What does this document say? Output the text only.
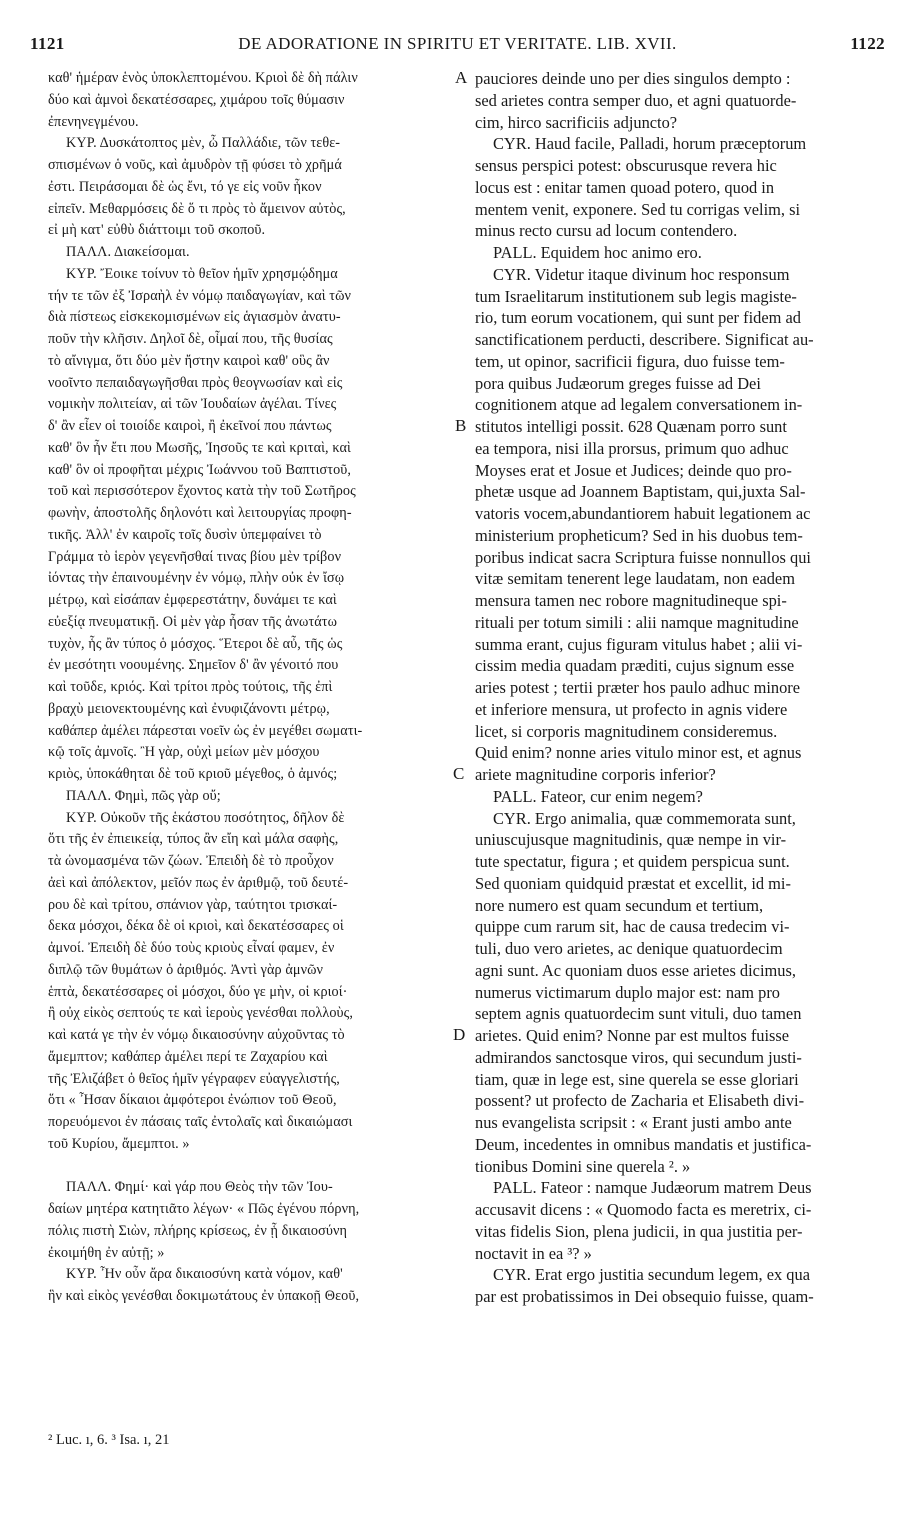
1121	DE ADORATIONE IN SPIRITU ET VERITATE. LIB. XVII.	1122
καθ' ἡμέραν ἑνὸς ὑποκλεπτομένου. Κριοὶ δὲ δὴ πάλιν
δύο καὶ ἀμνοὶ δεκατέσσαρες, χιμάρου τοῖς θύμασιν
ἐπενηνεγμένου.
ΚΥΡ. Δυσκάτοπτος μὲν, ὦ Παλλάδιε, τῶν τεθε-
σπισμένων ὁ νοῦς, καὶ ἀμυδρὸν τῇ φύσει τὸ χρῆμά
ἐστι. Πειράσομαι δὲ ὡς ἔνι, τό γε εἰς νοῦν ἧκον
εἰπεῖν. Μεθαρμόσεις δὲ ὅ τι πρὸς τὸ ἄμεινον αὐτὸς,
εἰ μὴ κατ' εὐθὺ διάττοιμι τοῦ σκοποῦ.
ΠΑΛΛ. Διακείσομαι.
ΚΥΡ. Ἔοικε τοίνυν τὸ θεῖον ἡμῖν χρησμῴδημα
τήν τε τῶν ἐξ Ἰσραὴλ ἐν νόμῳ παιδαγωγίαν, καὶ τῶν
διὰ πίστεως εἰσκεκομισμένων εἰς ἁγιασμὸν ἀνατυ-
ποῦν τὴν κλῆσιν. Δηλοῖ δὲ, οἶμαί που, τῆς θυσίας
τὸ αἴνιγμα, ὅτι δύο μὲν ἤστην καιροὶ καθ' οὓς ἂν
νοοῖντο πεπαιδαγωγῆσθαι πρὸς θεογνωσίαν καὶ εἰς
νομικὴν πολιτείαν, αἱ τῶν Ἰουδαίων ἀγέλαι. Τίνες
δ' ἂν εἶεν οἱ τοιοίδε καιροὶ, ἢ ἐκεῖνοί που πάντως
καθ' ὃν ἦν ἔτι που Μωσῆς, Ἰησοῦς τε καὶ κριταὶ, καὶ
καθ' ὃν οἱ προφῆται μέχρις Ἰωάννου τοῦ Βαπτιστοῦ,
τοῦ καὶ περισσότερον ἔχοντος κατὰ τὴν τοῦ Σωτῆρος
φωνὴν, ἀποστολῆς δηλονότι καὶ λειτουργίας προφη-
τικῆς. Ἀλλ' ἐν καιροῖς τοῖς δυσὶν ὑπεμφαίνει τὸ
Γράμμα τὸ ἱερὸν γεγενῆσθαί τινας βίου μὲν τρίβον
ἰόντας τὴν ἐπαινουμένην ἐν νόμῳ, πλὴν οὐκ ἐν ἴσῳ
μέτρῳ, καὶ εἰσάπαν ἐμφερεστάτην, δυνάμει τε καὶ
εὐεξίᾳ πνευματικῇ. Οἱ μὲν γὰρ ἦσαν τῆς ἀνωτάτω
τυχὸν, ἧς ἂν τύπος ὁ μόσχος. Ἕτεροι δὲ αὖ, τῆς ὡς
ἐν μεσότητι νοουμένης. Σημεῖον δ' ἂν γένοιτό που
καὶ τοῦδε, κριός. Καὶ τρίτοι πρὸς τούτοις, τῆς ἐπὶ
βραχὺ μειονεκτουμένης καὶ ἐνυφιζάνοντι μέτρῳ,
καθάπερ ἀμέλει πάρεσται νοεῖν ὡς ἐν μεγέθει σωματι-
κῷ τοῖς ἀμνοῖς. Ἢ γὰρ, οὐχὶ μείων μὲν μόσχου
κριὸς, ὑποκάθηται δὲ τοῦ κριοῦ μέγεθος, ὁ ἀμνός;
ΠΑΛΛ. Φημὶ, πῶς γὰρ οὔ;
ΚΥΡ. Οὐκοῦν τῆς ἑκάστου ποσότητος, δῆλον δὲ
ὅτι τῆς ἐν ἐπιεικείᾳ, τύπος ἂν εἴη καὶ μάλα σαφὴς,
τὰ ὠνομασμένα τῶν ζώων. Ἐπειδὴ δὲ τὸ προὖχον
ἀεὶ καὶ ἀπόλεκτον, μεῖόν πως ἐν ἀριθμῷ, τοῦ δευτέ-
ρου δὲ καὶ τρίτου, σπάνιον γὰρ, ταύτητοι τρισκαί-
δεκα μόσχοι, δέκα δὲ οἱ κριοὶ, καὶ δεκατέσσαρες οἱ
ἀμνοί. Ἐπειδὴ δὲ δύο τοὺς κριοὺς εἶναί φαμεν, ἐν
διπλῷ τῶν θυμάτων ὁ ἀριθμός. Ἀντὶ γὰρ ἀμνῶν
ἑπτὰ, δεκατέσσαρες οἱ μόσχοι, δύο γε μὴν, οἱ κριοί·
ἢ οὐχ εἰκὸς σεπτούς τε καὶ ἱεροὺς γενέσθαι πολλοὺς,
καὶ κατά γε τὴν ἐν νόμῳ δικαιοσύνην αὐχοῦντας τὸ
ἄμεμπτον; καθάπερ ἀμέλει περί τε Ζαχαρίου καὶ
τῆς Ἐλιζάβετ ὁ θεῖος ἡμῖν γέγραφεν εὐαγγελιστής,
ὅτι « Ἦσαν δίκαιοι ἀμφότεροι ἐνώπιον τοῦ Θεοῦ,
πορευόμενοι ἐν πάσαις ταῖς ἐντολαῖς καὶ δικαιώμασι
τοῦ Κυρίου, ἄμεμπτοι. »
ΠΑΛΛ. Φημί· καὶ γάρ που Θεὸς τὴν τῶν Ἰου-
δαίων μητέρα κατητιᾶτο λέγων· « Πῶς ἐγένου πόρνη,
πόλις πιστὴ Σιὼν, πλήρης κρίσεως, ἐν ᾗ δικαιοσύνη
ἐκοιμήθη ἐν αὐτῇ; »
ΚΥΡ. Ἦν οὖν ἄρα δικαιοσύνη κατὰ νόμον, καθ'
ἣν καὶ εἰκὸς γενέσθαι δοκιμωτάτους ἐν ὑπακοῇ Θεοῦ,
pauciores deinde uno per dies singulos dempto :
sed arietes contra semper duo, et agni quatuorde-
cim, hirco sacrificiis adjuncto?
CYR. Haud facile, Palladi, horum præceptorum
sensus perspici potest: obscurusque revera hic
locus est : enitar tamen quoad potero, quod in
mentem venit, exponere. Sed tu corrigas velim, si
minus recto cursu ad locum contendero.
PALL. Equidem hoc animo ero.
CYR. Videtur itaque divinum hoc responsum
tum Israelitarum institutionem sub legis magiste-
rio, tum eorum vocationem, qui sunt per fidem ad
sanctificationem perducti, describere. Significat au-
tem, ut opinor, sacrificii figura, duo fuisse tem-
pora quibus Judæorum greges fuisse ad Dei
cognitionem atque ad legalem conversationem in-
stitutos intelligi possit. 628 Quænam porro sunt
ea tempora, nisi illa prorsus, primum quo adhuc
Moyses erat et Josue et Judices; deinde quo pro-
phetæ usque ad Joannem Baptistam, qui,juxta Sal-
vatoris vocem,abundantiorem habuit legationem ac
ministerium propheticum? Sed in his duobus tem-
poribus indicat sacra Scriptura fuisse nonnullos qui
vitæ semitam tenerent lege laudatam, non eadem
mensura tamen nec robore magnitudineque spi-
rituali per totum simili : alii namque magnitudine
summa erant, cujus figuram vitulus habet ; alii vi-
cissim media quadam præditi, cujus signum esse
aries potest ; tertii præter hos paulo adhuc minore
et inferiore mensura, ut profecto in agnis videre
licet, si corporis magnitudinem consideremus.
Quid enim? nonne aries vitulo minor est, et agnus
ariete magnitudine corporis inferior?
PALL. Fateor, cur enim negem?
CYR. Ergo animalia, quæ commemorata sunt,
uniuscujusque magnitudinis, quæ nempe in vir-
tute spectatur, figura ; et quidem perspicua sunt.
Sed quoniam quidquid præstat et excellit, id mi-
nore numero est quam secundum et tertium,
quippe cum rarum sit, hac de causa tredecim vi-
tuli, duo vero arietes, ac denique quatuordecim
agni sunt. Ac quoniam duos esse arietes dicimus,
numerus victimarum duplo major est: nam pro
septem agnis quatuordecim sunt vituli, duo tamen
arietes. Quid enim? Nonne par est multos fuisse
admirandos sanctosque viros, qui secundum justi-
tiam, quæ in lege est, sine querela se esse gloriari
possent? ut profecto de Zacharia et Elisabeth divi-
nus evangelista scripsit : « Erant justi ambo ante
Deum, incedentes in omnibus mandatis et justifica-
tionibus Domini sine querela ². »
PALL. Fateor : namque Judæorum matrem Deus
accusavit dicens : « Quomodo facta es meretrix, ci-
vitas fidelis Sion, plena judicii, in qua justitia per-
noctavit in ea ³? »
CYR. Erat ergo justitia secundum legem, ex qua
par est probatissimos in Dei obsequio fuisse, quam-
A
B
C
D
² Luc. ı, 6. ³ Isa. ı, 21
